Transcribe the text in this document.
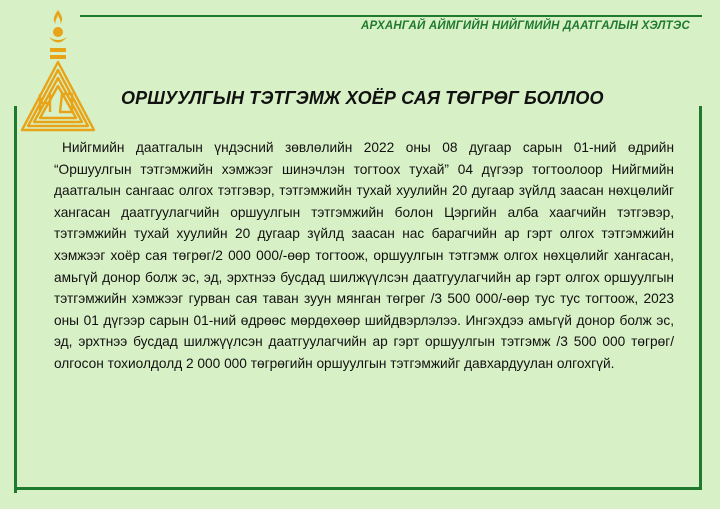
АРХАНГАЙ АЙМГИЙН НИЙГМИЙН ДААТГАЛЫН ХЭЛТЭС
ОРШУУЛГЫН ТЭТГЭМЖ ХОЁР САЯ ТӨГРӨГ БОЛЛОО
Нийгмийн даатгалын үндэсний зөвлөлийн 2022 оны 08 дугаар сарын 01-ний өдрийн “Оршуулгын тэтгэмжийн хэмжээг шинэчлэн тогтоох тухай” 04 дүгээр тогтоолоор Нийгмийн даатгалын сангаас олгох тэтгэвэр, тэтгэмжийн тухай хуулийн 20 дугаар зүйлд заасан нөхцөлийг хангасан даатгуулагчийн оршуулгын тэтгэмжийн болон Цэргийн алба хаагчийн тэтгэвэр, тэтгэмжийн тухай хуулийн 20 дугаар зүйлд заасан нас барагчийн ар гэрт олгох тэтгэмжийн хэмжээг хоёр сая төгрөг/2 000 000/-өөр тогтоож, оршуулгын тэтгэмж олгох нөхцөлийг хангасан, амьгүй донор болж эс, эд, эрхтнээ бусдад шилжүүлсэн даатгуулагчийн ар гэрт олгох оршуулгын тэтгэмжийн хэмжээг гурван сая таван зуун мянган төгрөг /3 500 000/-өөр тус тус тогтоож, 2023 оны 01 дүгээр сарын 01-ний өдрөөс мөрдөхөөр шийдвэрлэлээ. Ингэхдээ амьгүй донор болж эс, эд, эрхтнээ бусдад шилжүүлсэн даатгуулагчийн ар гэрт оршуулгын тэтгэмж /3 500 000 төгрөг/ олгосон тохиолдолд 2 000 000 төгрөгийн оршуулгын тэтгэмжийг давхардуулан олгохгүй.
